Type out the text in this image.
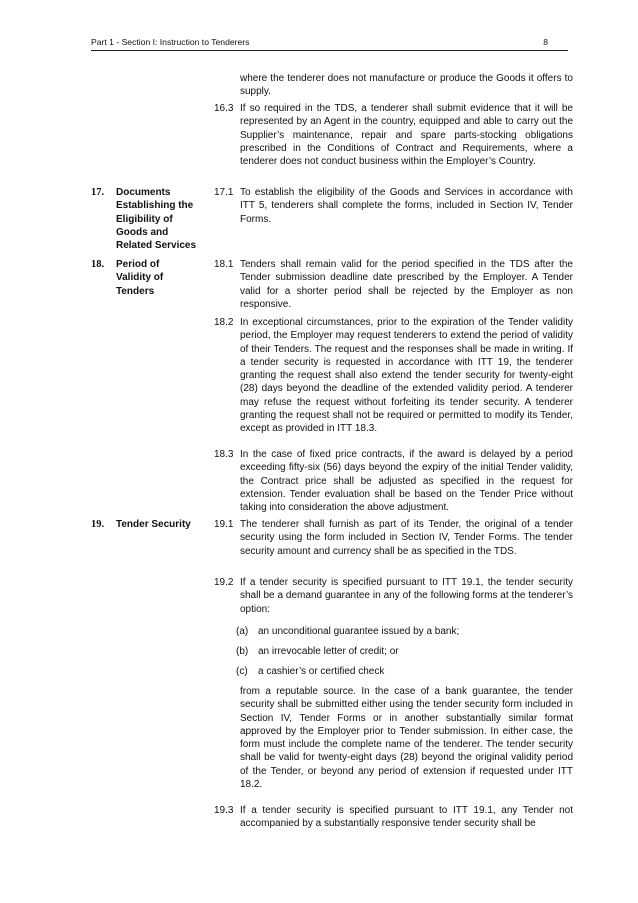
Part 1 - Section I: Instruction to Tenderers	8
where the tenderer does not manufacture or produce the Goods it offers to supply.
16.3 If so required in the TDS, a tenderer shall submit evidence that it will be represented by an Agent in the country, equipped and able to carry out the Supplier’s maintenance, repair and spare parts-stocking obligations prescribed in the Conditions of Contract and Requirements, where a tenderer does not conduct business within the Employer’s Country.
17. Documents Establishing the Eligibility of Goods and Related Services
17.1 To establish the eligibility of the Goods and Services in accordance with ITT 5, tenderers shall complete the forms, included in Section IV, Tender Forms.
18. Period of Validity of Tenders
18.1 Tenders shall remain valid for the period specified in the TDS after the Tender submission deadline date prescribed by the Employer. A Tender valid for a shorter period shall be rejected by the Employer as non responsive.
18.2 In exceptional circumstances, prior to the expiration of the Tender validity period, the Employer may request tenderers to extend the period of validity of their Tenders. The request and the responses shall be made in writing. If a tender security is requested in accordance with ITT 19, the tenderer granting the request shall also extend the tender security for twenty-eight (28) days beyond the deadline of the extended validity period. A tenderer may refuse the request without forfeiting its tender security. A tenderer granting the request shall not be required or permitted to modify its Tender, except as provided in ITT 18.3.
18.3 In the case of fixed price contracts, if the award is delayed by a period exceeding fifty-six (56) days beyond the expiry of the initial Tender validity, the Contract price shall be adjusted as specified in the request for extension. Tender evaluation shall be based on the Tender Price without taking into consideration the above adjustment.
19. Tender Security	19.1 The tenderer shall furnish as part of its Tender, the original of a tender security using the form included in Section IV, Tender Forms. The tender security amount and currency shall be as specified in the TDS.
19.2 If a tender security is specified pursuant to ITT 19.1, the tender security shall be a demand guarantee in any of the following forms at the tenderer’s option:
(a) an unconditional guarantee issued by a bank;
(b) an irrevocable letter of credit; or
(c) a cashier’s or certified check
from a reputable source. In the case of a bank guarantee, the tender security shall be submitted either using the tender security form included in Section IV, Tender Forms or in another substantially similar format approved by the Employer prior to Tender submission. In either case, the form must include the complete name of the tenderer. The tender security shall be valid for twenty-eight days (28) beyond the original validity period of the Tender, or beyond any period of extension if requested under ITT 18.2.
19.3 If a tender security is specified pursuant to ITT 19.1, any Tender not accompanied by a substantially responsive tender security shall be
